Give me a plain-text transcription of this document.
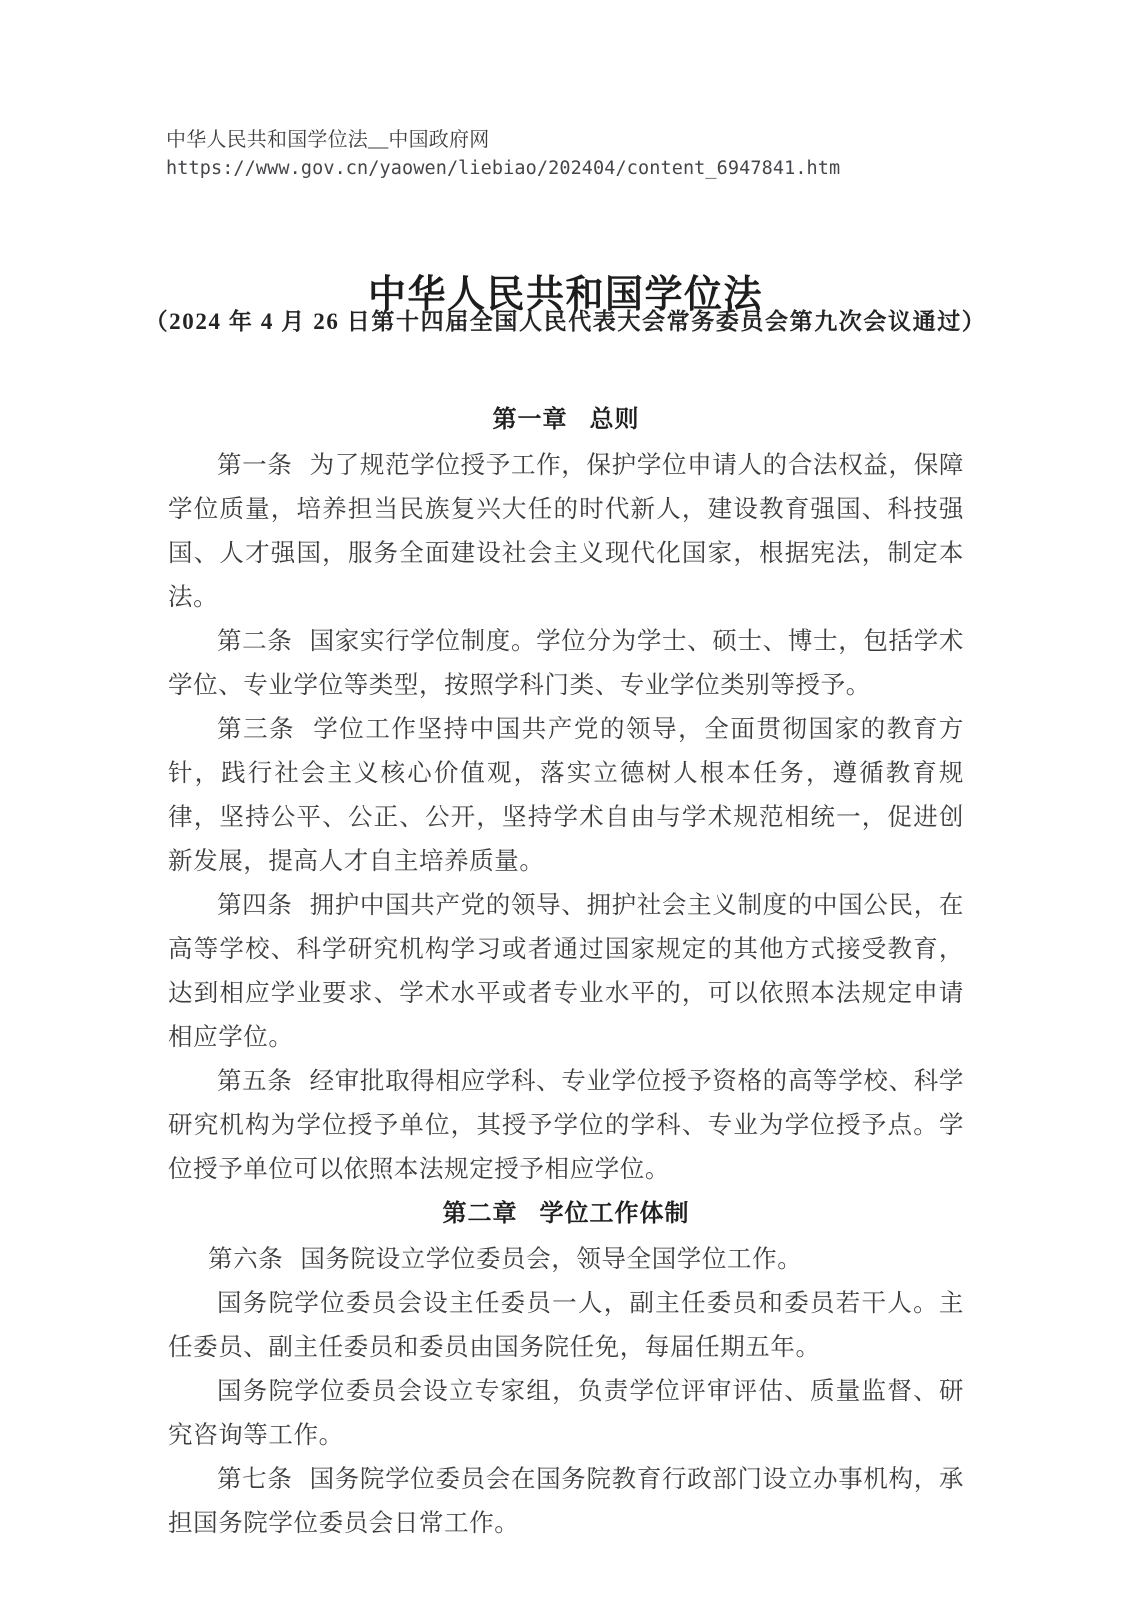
中华人民共和国学位法__中国政府网
https://www.gov.cn/yaowen/liebiao/202404/content_6947841.htm
中华人民共和国学位法
（2024 年 4 月 26 日第十四届全国人民代表大会常务委员会第九次会议通过）
第一章 总则

第一条 为了规范学位授予工作，保护学位申请人的合法权益，保障学位质量，培养担当民族复兴大任的时代新人，建设教育强国、科技强国、人才强国，服务全面建设社会主义现代化国家，根据宪法，制定本法。

第二条 国家实行学位制度。学位分为学士、硕士、博士，包括学术学位、专业学位等类型，按照学科门类、专业学位类别等授予。

第三条 学位工作坚持中国共产党的领导，全面贯彻国家的教育方针，践行社会主义核心价值观，落实立德树人根本任务，遵循教育规律，坚持公平、公正、公开，坚持学术自由与学术规范相统一，促进创新发展，提高人才自主培养质量。

第四条 拥护中国共产党的领导、拥护社会主义制度的中国公民，在高等学校、科学研究机构学习或者通过国家规定的其他方式接受教育，达到相应学业要求、学术水平或者专业水平的，可以依照本法规定申请相应学位。

第五条 经审批取得相应学科、专业学位授予资格的高等学校、科学研究机构为学位授予单位，其授予学位的学科、专业为学位授予点。学位授予单位可以依照本法规定授予相应学位。

第二章 学位工作体制

第六条 国务院设立学位委员会，领导全国学位工作。

国务院学位委员会设主任委员一人，副主任委员和委员若干人。主任委员、副主任委员和委员由国务院任免，每届任期五年。

国务院学位委员会设立专家组，负责学位评审评估、质量监督、研究咨询等工作。

第七条 国务院学位委员会在国务院教育行政部门设立办事机构，承担国务院学位委员会日常工作。
